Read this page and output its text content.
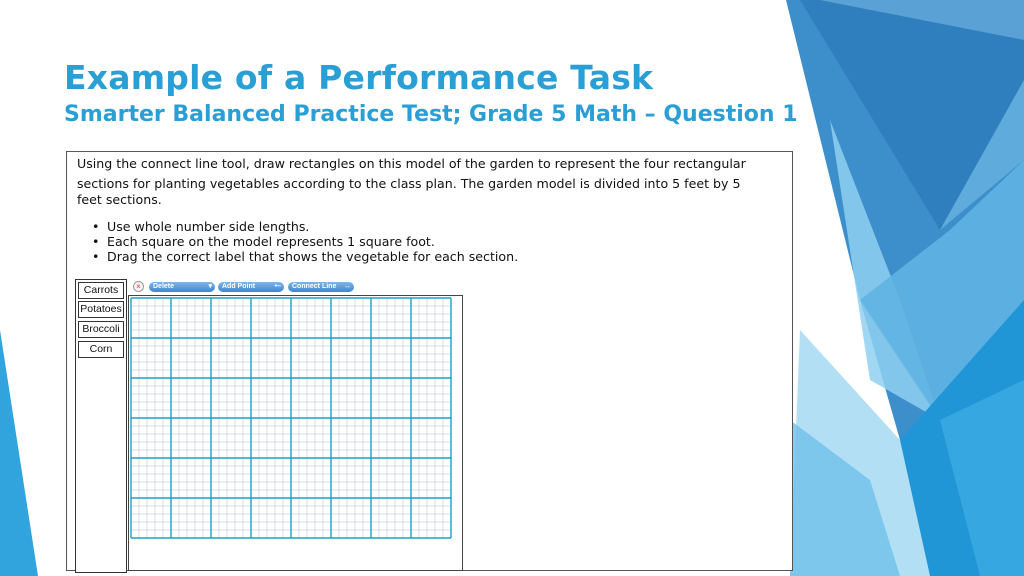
Example of a Performance Task
Smarter Balanced Practice Test; Grade 5 Math – Question 1
Using the connect line tool, draw rectangles on this model of the garden to represent the four rectangular
sections for planting vegetables according to the class plan. The garden model is divided into 5 feet by 5
feet sections.
• Use whole number side lengths.
• Each square on the model represents 1 square foot.
• Drag the correct label that shows the vegetable for each section.
Carrots
Potatoes
Broccoli
Corn
×	Delete	▾	Add Point	•–	Connect Line ↔
